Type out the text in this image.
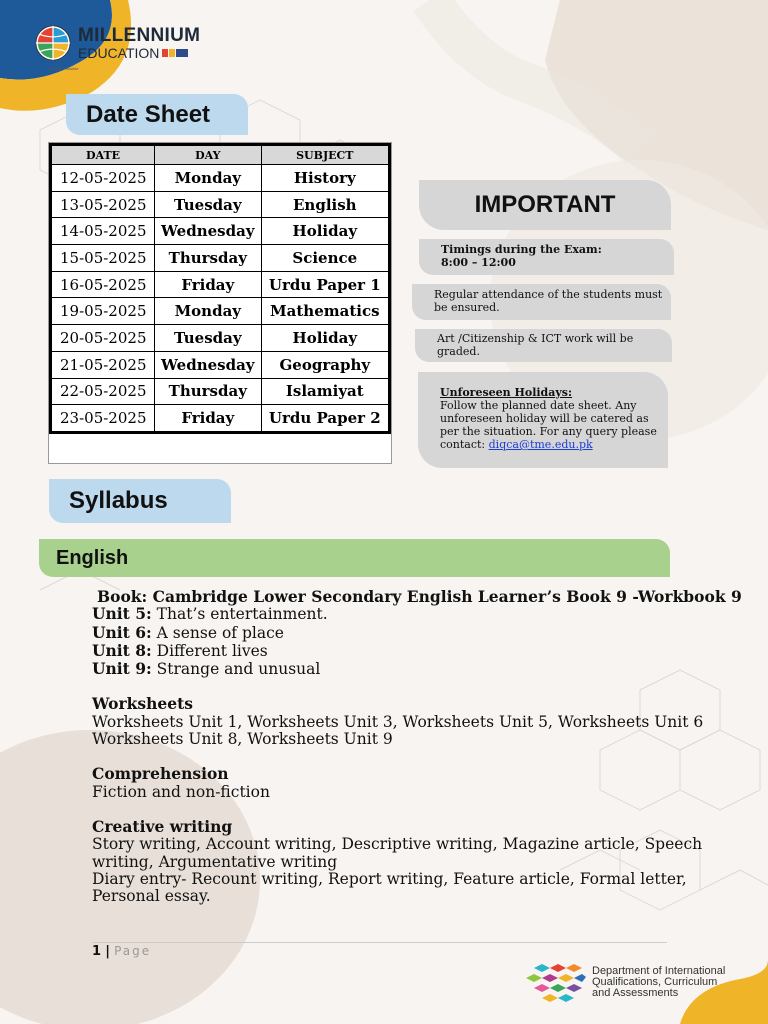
MILLENNIUM
EDUCATION
Imagine Possible
Date Sheet
DATE	DAY	SUBJECT
12-05-2025	Monday	History
13-05-2025	Tuesday	English
14-05-2025	Wednesday	Holiday
15-05-2025	Thursday	Science
16-05-2025	Friday	Urdu Paper 1
19-05-2025	Monday	Mathematics
20-05-2025	Tuesday	Holiday
21-05-2025	Wednesday	Geography
22-05-2025	Thursday	Islamiyat
23-05-2025	Friday	Urdu Paper 2
IMPORTANT
Timings during the Exam:
8:00 – 12:00
Regular attendance of the students must be ensured.
Art /Citizenship & ICT work will be graded.
Unforeseen Holidays:
Follow the planned date sheet. Any unforeseen holiday will be catered as per the situation. For any query please contact: diqca@tme.edu.pk
Syllabus
English
Book: Cambridge Lower Secondary English Learner’s Book 9 -Workbook 9
Unit 5: That’s entertainment.
Unit 6: A sense of place
Unit 8: Different lives
Unit 9: Strange and unusual
Worksheets
Worksheets Unit 1, Worksheets Unit 3, Worksheets Unit 5, Worksheets Unit 6
Worksheets Unit 8, Worksheets Unit 9
Comprehension
Fiction and non-fiction
Creative writing
Story writing, Account writing, Descriptive writing, Magazine article, Speech
writing, Argumentative writing
Diary entry- Recount writing, Report writing, Feature article, Formal letter,
Personal essay.
1 | Page
Department of International
Qualifications, Curriculum
and Assessments
